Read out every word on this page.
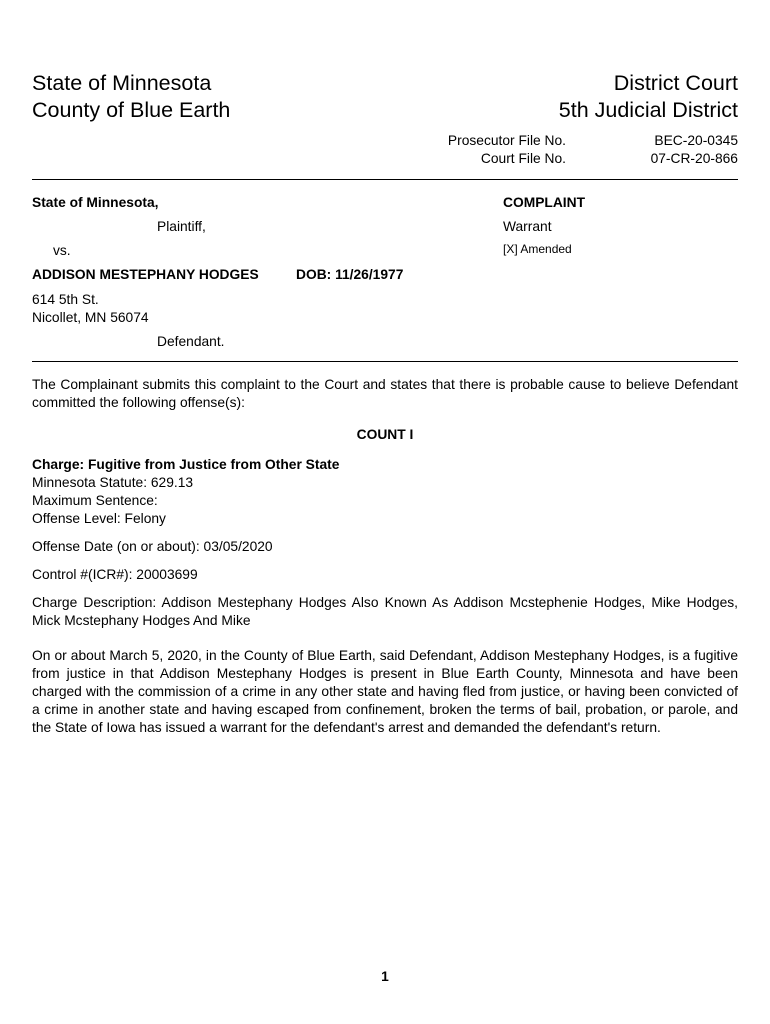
State of Minnesota
County of Blue Earth
District Court
5th Judicial District
Prosecutor File No.	BEC-20-0345
Court File No.	07-CR-20-866
State of Minnesota,
Plaintiff,
vs.
ADDISON MESTEPHANY HODGES	DOB: 11/26/1977
614 5th St.
Nicollet, MN 56074
Defendant.
COMPLAINT
Warrant
[X] Amended
The Complainant submits this complaint to the Court and states that there is probable cause to believe Defendant committed the following offense(s):
COUNT I
Charge: Fugitive from Justice from Other State
Minnesota Statute: 629.13
Maximum Sentence:
Offense Level: Felony
Offense Date (on or about): 03/05/2020
Control #(ICR#): 20003699
Charge Description: Addison Mestephany Hodges Also Known As Addison Mcstephenie Hodges, Mike Hodges, Mick Mcstephany Hodges And Mike
On or about March 5, 2020, in the County of Blue Earth, said Defendant, Addison Mestephany Hodges, is a fugitive from justice in that Addison Mestephany Hodges is present in Blue Earth County, Minnesota and have been charged with the commission of a crime in any other state and having fled from justice, or having been convicted of a crime in another state and having escaped from confinement, broken the terms of bail, probation, or parole, and the State of Iowa has issued a warrant for the defendant's arrest and demanded the defendant's return.
1
